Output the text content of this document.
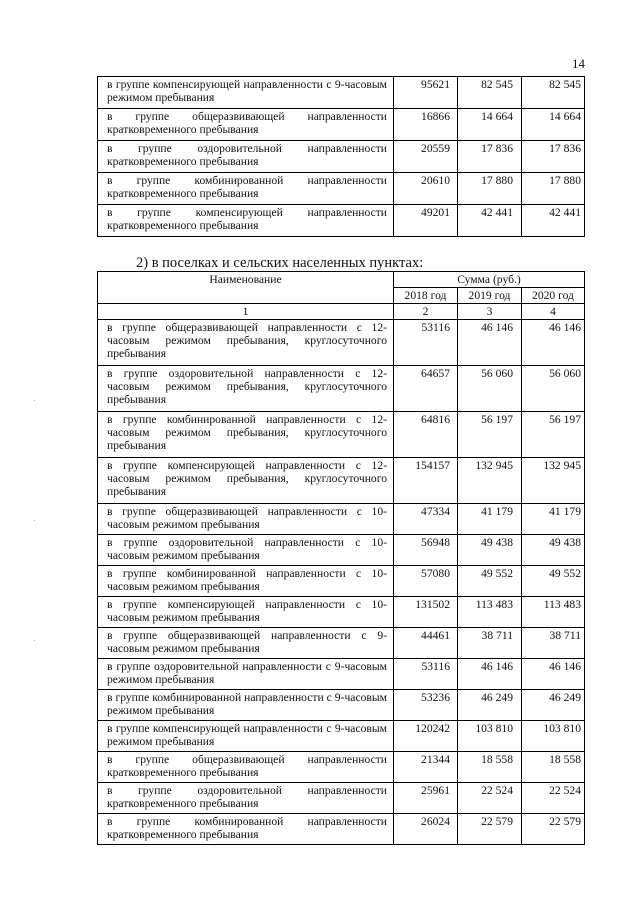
14
в группе компенсирующей направленности с 9-часовым режимом пребывания	95621	82 545	82 545
в группе общеразвивающей направленности кратковременного пребывания	16866	14 664	14 664
в группе оздоровительной направленности кратковременного пребывания	20559	17 836	17 836
в группе комбинированной направленности кратковременного пребывания	20610	17 880	17 880
в группе компенсирующей направленности кратковременного пребывания	49201	42 441	42 441

2) в поселках и сельских населенных пунктах:

Наименование	Сумма (руб.)		
	2018 год	2019 год	2020 год
1	2	3	4
в группе общеразвивающей направленности с 12-часовым режимом пребывания, круглосуточного пребывания	53116	46 146	46 146
в группе оздоровительной направленности с 12-часовым режимом пребывания, круглосуточного пребывания	64657	56 060	56 060
в группе комбинированной направленности с 12-часовым режимом пребывания, круглосуточного пребывания	64816	56 197	56 197
в группе компенсирующей направленности с 12-часовым режимом пребывания, круглосуточного пребывания	154157	132 945	132 945
в группе общеразвивающей направленности с 10-часовым режимом пребывания	47334	41 179	41 179
в группе оздоровительной направленности с 10-часовым режимом пребывания	56948	49 438	49 438
в группе комбинированной направленности с 10-часовым режимом пребывания	57080	49 552	49 552
в группе компенсирующей направленности с 10-часовым режимом пребывания	131502	113 483	113 483
в группе общеразвивающей направленности с 9-часовым режимом пребывания	44461	38 711	38 711
в группе оздоровительной направленности с 9-часовым режимом пребывания	53116	46 146	46 146
в группе комбинированной направленности с 9-часовым режимом пребывания	53236	46 249	46 249
в группе компенсирующей направленности с 9-часовым режимом пребывания	120242	103 810	103 810
в группе общеразвивающей направленности кратковременного пребывания	21344	18 558	18 558
в группе оздоровительной направленности кратковременного пребывания	25961	22 524	22 524
в группе комбинированной направленности кратковременного пребывания	26024	22 579	22 579
